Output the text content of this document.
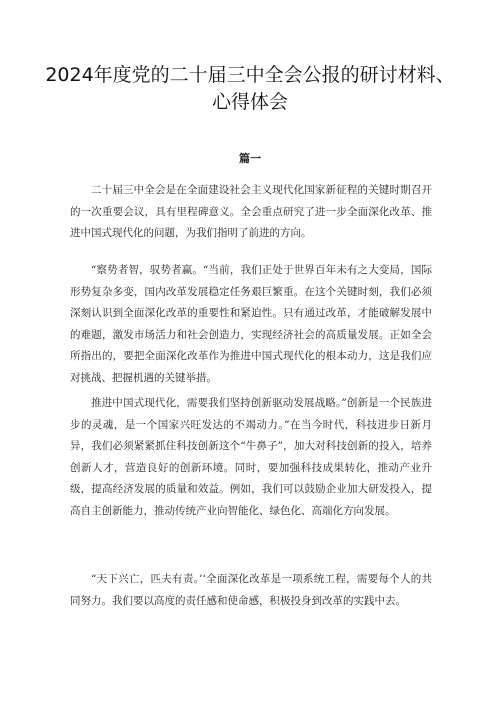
2024年度党的二十届三中全会公报的研讨材料、心得体会
篇一

二十届三中全会是在全面建设社会主义现代化国家新征程的关键时期召开的一次重要会议，具有里程碑意义。全会重点研究了进一步全面深化改革、推进中国式现代化的问题，为我们指明了前进的方向。

“察势者智，驭势者赢。“当前，我们正处于世界百年未有之大变局，国际形势复杂多变，国内改革发展稳定任务艰巨繁重。在这个关键时刻，我们必须深刻认识到全面深化改革的重要性和紧迫性。只有通过改革，才能破解发展中的难题，激发市场活力和社会创造力，实现经济社会的高质量发展。正如全会所指出的，要把全面深化改革作为推进中国式现代化的根本动力，这是我们应对挑战、把握机遇的关键举措。

推进中国式现代化，需要我们坚持创新驱动发展战略。”创新是一个民族进步的灵魂，是一个国家兴旺发达的不竭动力。”在当今时代，科技进步日新月异，我们必须紧紧抓住科技创新这个“牛鼻子”，加大对科技创新的投入，培养创新人才，营造良好的创新环境。同时，要加强科技成果转化，推动产业升级，提高经济发展的质量和效益。例如，我们可以鼓励企业加大研发投入，提高自主创新能力，推动传统产业向智能化、绿色化、高端化方向发展。

“天下兴亡，匹夫有责。’‘全面深化改革是一项系统工程，需要每个人的共同努力。我们要以高度的责任感和使命感，积极投身到改革的实践中去。
